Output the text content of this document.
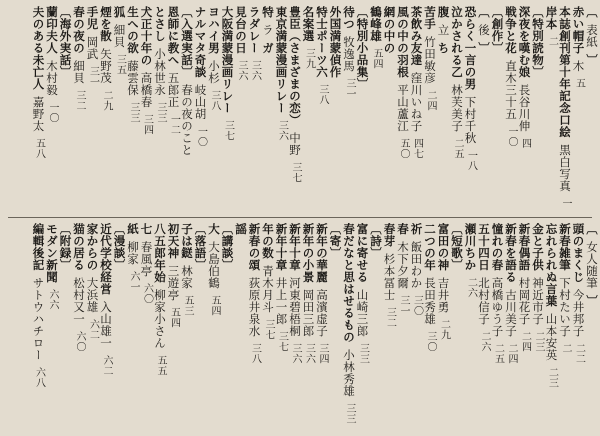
〔表紙〕
〔女人随筆〕
赤い帽子木五
頭のまくじ今井邦子二二
本誌創刊第十年記念口絵黒白写真一
新春雑筆下村たい子二
岸本二
忘れられぬ言葉山本安英二三
〔特別読物〕
金と子供神近市子二三
深夜を嘆む娘長谷川伸四
新春偶語村岡花子二四
戦争と花直木三十五一〇
新春を語る古川美子二四
〔創作〕
憧れの春高橋ゆう子二五
〔後〕
五十四日北村信子二六
恐らく一言の男下村千秋一八
瀬川ちか二六
泣かされる乙林芙美子二五
〔短歌〕
腹立ち
富田の神吉井勇二九
苦手竹田敏彦二四
二つの年長田秀雄三〇
茶飲み友達窪川いね子四七
祈飯田わか三〇
風の中の羽根平山蘆江五〇
春木下夕爾三一
網の中の
春芽杉本冨士三二
鶴峰雄五四
〔詩〕
〔特別小品集〕
富に寄せる山崎三郎三三
待つ牧逸馬三一
春だなと思はせるもの小林秀雄三三
外国満蒙偵作
〔寄〕
特士ポーツ六三八
新年の華麗高濱虚子三四
名案選三九
新年の小景岡田三郎三六
豊臣（さまざまの恋）中野三七
新年十章河東碧梧桐三六
東京満蒙漫画リレー三六
新年十章井上一郎三七
特ラガ
年の数青木月斗三七
ラダレー三六
新春の頌荻原井泉水三八
見台の日三六
謡
大阪満蒙漫画リレー三七
〔講談〕
ヨハイ男小杉三八
大大島伯鶴五四
ナルマタ奇談岐山胡一〇
〔落語〕
〔入選実話〕春の夜のこと
子は鎹林家五三
恩師に教へ五郎正一二
初天神三遊亭五四
とさし小林世永三三
八五郎年始柳家小さん五五
犬正十年の高橋春三四
七春風亭六〇
生への欲藤雲保三三
紙柳家六一
狐細貝三五
〔漫談〕
煙を散矢野茂二九
近代学校経営入山雄一六二
手児岡武三一
家からの大浜雄六二
春の夜の細貝三二
猫の居る松村又一六〇
〔海外実話〕
〔附録〕
蘭印夫人木村毅一〇
モダン新聞六六
夫のある未亡人嘉野太五八
編輯後記サトウハチロー六八
